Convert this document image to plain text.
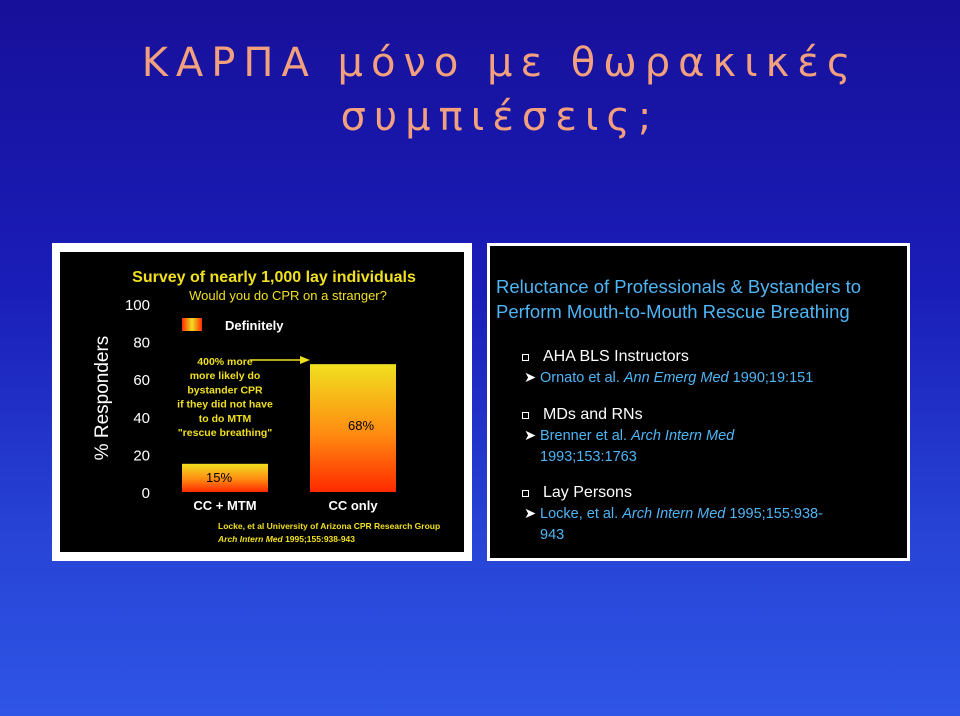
ΚΑΡΠΑ μόνο με θωρακικές
συμπιέσεις;
% Responders
100
80
60
40
20
0
15%
CC + MTM
68%
CC only
Survey of nearly 1,000 lay individuals
Would you do CPR on a stranger?
Definitely
400% more
more likely do
bystander CPR
if they did not have
to do MTM
"rescue breathing"
Locke, et al University of Arizona CPR Research Group
Arch Intern Med 1995;155:938-943
Reluctance of Professionals & Bystanders to
Perform Mouth-to-Mouth Rescue Breathing
AHA BLS Instructors
➤ Ornato et al. Ann Emerg Med 1990;19:151
MDs and RNs
➤ Brenner et al. Arch Intern Med
1993;153:1763
Lay Persons
➤ Locke, et al. Arch Intern Med 1995;155:938-
943
